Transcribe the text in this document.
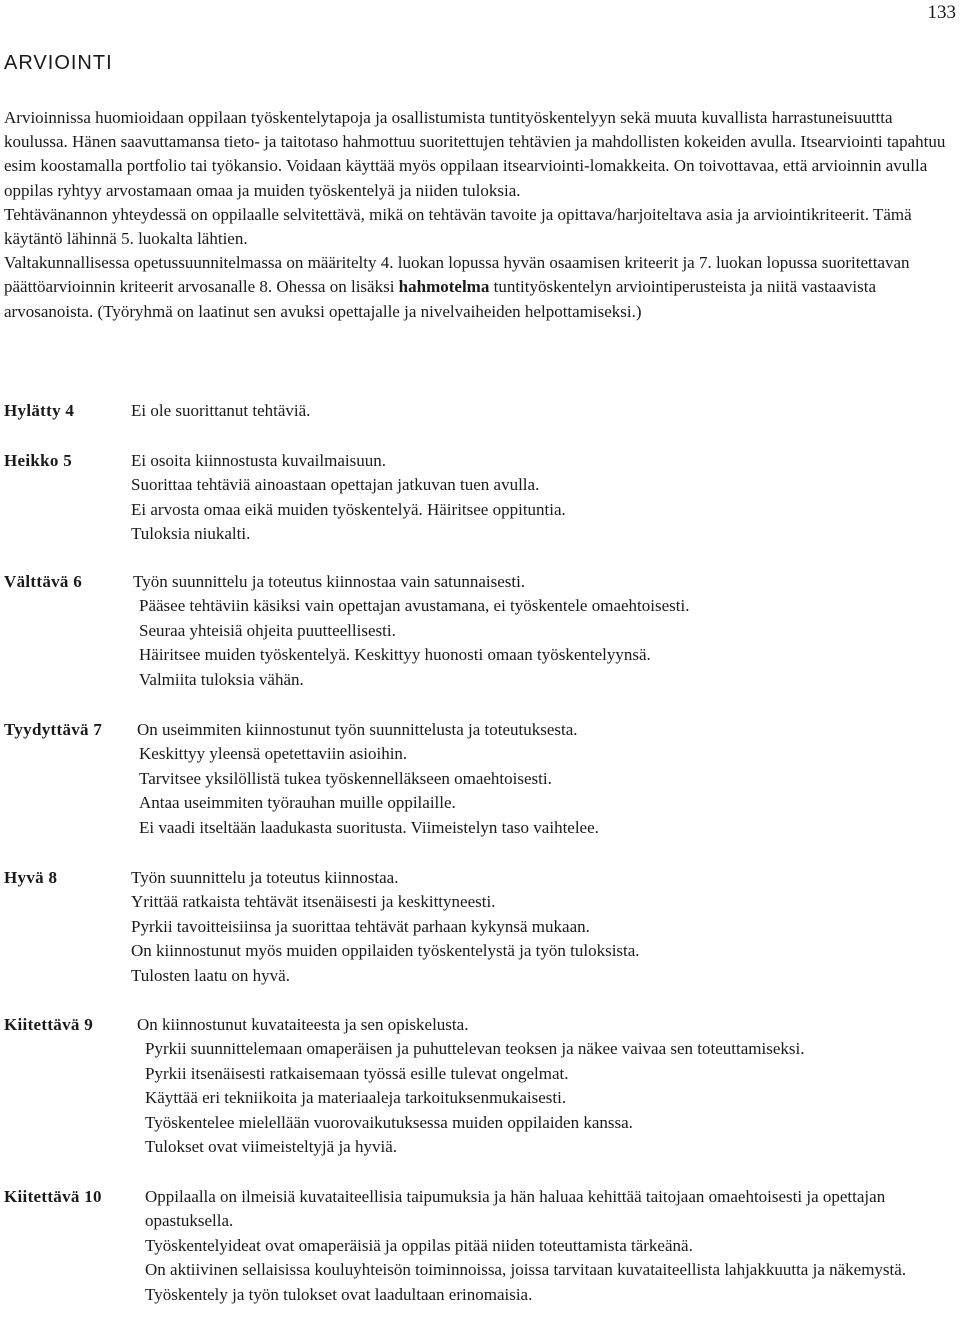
133
ARVIOINTI

Arvioinnissa huomioidaan oppilaan työskentelytapoja ja osallistumista tuntityöskentelyyn sekä muuta kuvallista harrastuneisuuttta koulussa. Hänen saavuttamansa tieto- ja taitotaso hahmottuu suoritettujen tehtävien ja mahdollisten kokeiden avulla. Itsearviointi tapahtuu esim koostamalla portfolio tai työkansio. Voidaan käyttää myös oppilaan itsearviointi-lomakkeita. On toivottavaa, että arvioinnin avulla oppilas ryhtyy arvostamaan omaa ja muiden työskentelyä ja niiden tuloksia.

Tehtävänannon yhteydessä on oppilaalle selvitettävä, mikä on tehtävän tavoite ja opittava/harjoiteltava asia ja arviointikriteerit. Tämä käytäntö lähinnä 5. luokalta lähtien.

Valtakunnallisessa opetussuunnitelmassa on määritelty 4. luokan lopussa hyvän osaamisen kriteerit ja 7. luokan lopussa suoritettavan päättöarvioinnin kriteerit arvosanalle 8. Ohessa on lisäksi hahmotelma tuntityöskentelyn arviointiperusteista ja niitä vastaavista arvosanoista. (Työryhmä on laatinut sen avuksi opettajalle ja nivelvaiheiden helpottamiseksi.)

Hylätty 4	Ei ole suorittanut tehtäviä.
Heikko 5	Ei osoita kiinnostusta kuvailmaisuun.
Suorittaa tehtäviä ainoastaan opettajan jatkuvan tuen avulla.
Ei arvosta omaa eikä muiden työskentelyä. Häiritsee oppituntia.
Tuloksia niukalti.
Välttävä 6	Työn suunnittelu ja toteutus kiinnostaa vain satunnaisesti.
Pääsee tehtäviin käsiksi vain opettajan avustamana, ei työskentele omaehtoisesti.
Seuraa yhteisiä ohjeita puutteellisesti.
Häiritsee muiden työskentelyä. Keskittyy huonosti omaan työskentelyynsä.
Valmiita tuloksia vähän.
Tyydyttävä 7 On useimmiten kiinnostunut työn suunnittelusta ja toteutuksesta.
Keskittyy yleensä opetettaviin asioihin.
Tarvitsee yksilöllistä tukea työskennelläkseen omaehtoisesti.
Antaa useimmiten työrauhan muille oppilaille.
Ei vaadi itseltään laadukasta suoritusta. Viimeistelyn taso vaihtelee.
Hyvä 8	Työn suunnittelu ja toteutus kiinnostaa.
Yrittää ratkaista tehtävät itsenäisesti ja keskittyneesti.
Pyrkii tavoitteisiinsa ja suorittaa tehtävät parhaan kykynsä mukaan.
On kiinnostunut myös muiden oppilaiden työskentelystä ja työn tuloksista.
Tulosten laatu on hyvä.
Kiitettävä 9	On kiinnostunut kuvataiteesta ja sen opiskelusta.
Pyrkii suunnittelemaan omaperäisen ja puhuttelevan teoksen ja näkee vaivaa sen toteuttamiseksi.
Pyrkii itsenäisesti ratkaisemaan työssä esille tulevat ongelmat.
Käyttää eri tekniikoita ja materiaaleja tarkoituksenmukaisesti.
Työskentelee mielellään vuorovaikutuksessa muiden oppilaiden kanssa.
Tulokset ovat viimeisteltyjä ja hyviä.
Kiitettävä 10	Oppilaalla on ilmeisiä kuvataiteellisia taipumuksia ja hän haluaa kehittää taitojaan omaehtoisesti ja opettajan opastuksella.
Työskentelyideat ovat omaperäisiä ja oppilas pitää niiden toteuttamista tärkeänä.
On aktiivinen sellaisissa kouluyhteisön toiminnoissa, joissa tarvitaan kuvataiteellista lahjakkuutta ja näkemystä.
Työskentely ja työn tulokset ovat laadultaan erinomaisia.
